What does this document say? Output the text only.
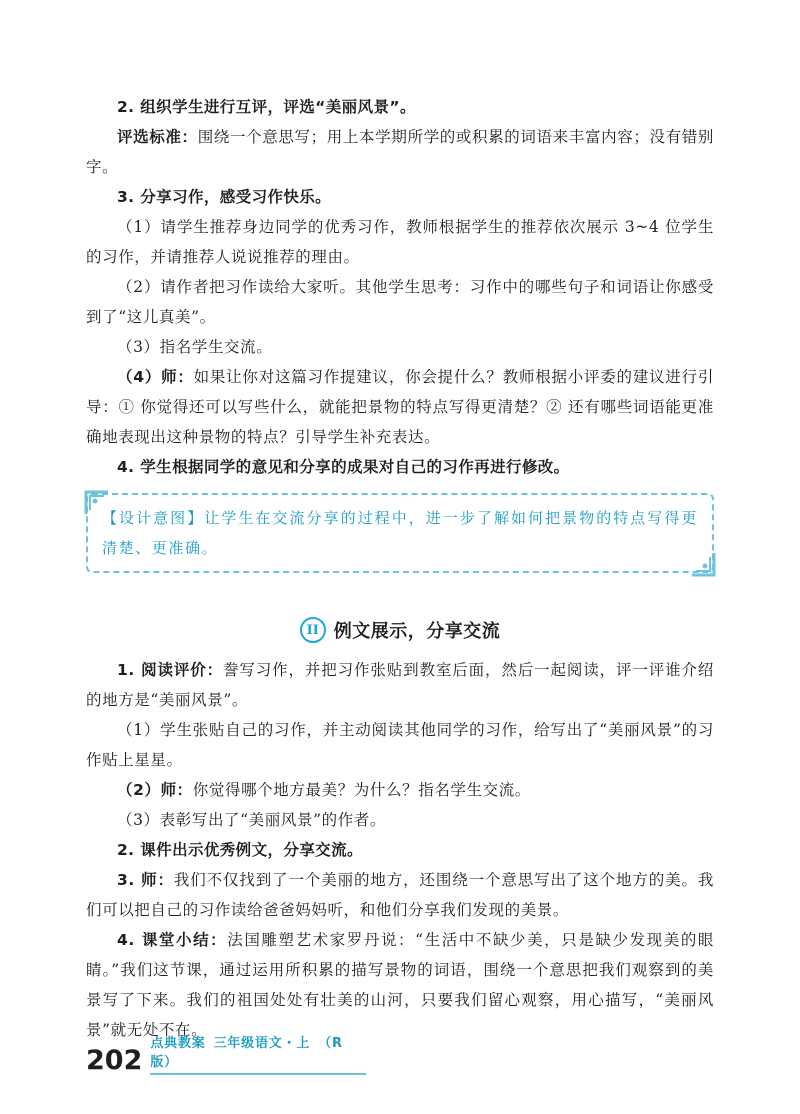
2. 组织学生进行互评，评选“美丽风景”。

评选标准：围绕一个意思写；用上本学期所学的或积累的词语来丰富内容；没有错别字。

3. 分享习作，感受习作快乐。

（1）请学生推荐身边同学的优秀习作，教师根据学生的推荐依次展示 3~4 位学生的习作，并请推荐人说说推荐的理由。

（2）请作者把习作读给大家听。其他学生思考：习作中的哪些句子和词语让你感受到了“这儿真美”。

（3）指名学生交流。

（4）师：如果让你对这篇习作提建议，你会提什么？教师根据小评委的建议进行引导：① 你觉得还可以写些什么，就能把景物的特点写得更清楚？② 还有哪些词语能更准确地表现出这种景物的特点？引导学生补充表达。

4. 学生根据同学的意见和分享的成果对自己的习作再进行修改。

【设计意图】让学生在交流分享的过程中，进一步了解如何把景物的特点写得更清楚、更准确。
II 例文展示，分享交流

1. 阅读评价：誊写习作，并把习作张贴到教室后面，然后一起阅读，评一评谁介绍的地方是“美丽风景”。

（1）学生张贴自己的习作，并主动阅读其他同学的习作，给写出了“美丽风景”的习作贴上星星。

（2）师：你觉得哪个地方最美？为什么？指名学生交流。

（3）表彰写出了“美丽风景”的作者。

2. 课件出示优秀例文，分享交流。

3. 师：我们不仅找到了一个美丽的地方，还围绕一个意思写出了这个地方的美。我们可以把自己的习作读给爸爸妈妈听，和他们分享我们发现的美景。

4. 课堂小结：法国雕塑艺术家罗丹说：“生活中不缺少美，只是缺少发现美的眼睛。”我们这节课，通过运用所积累的描写景物的词语，围绕一个意思把我们观察到的美景写了下来。我们的祖国处处有壮美的山河，只要我们留心观察，用心描写，“美丽风景”就无处不在。

202
点典教案 三年级语文・上 （R 版）
